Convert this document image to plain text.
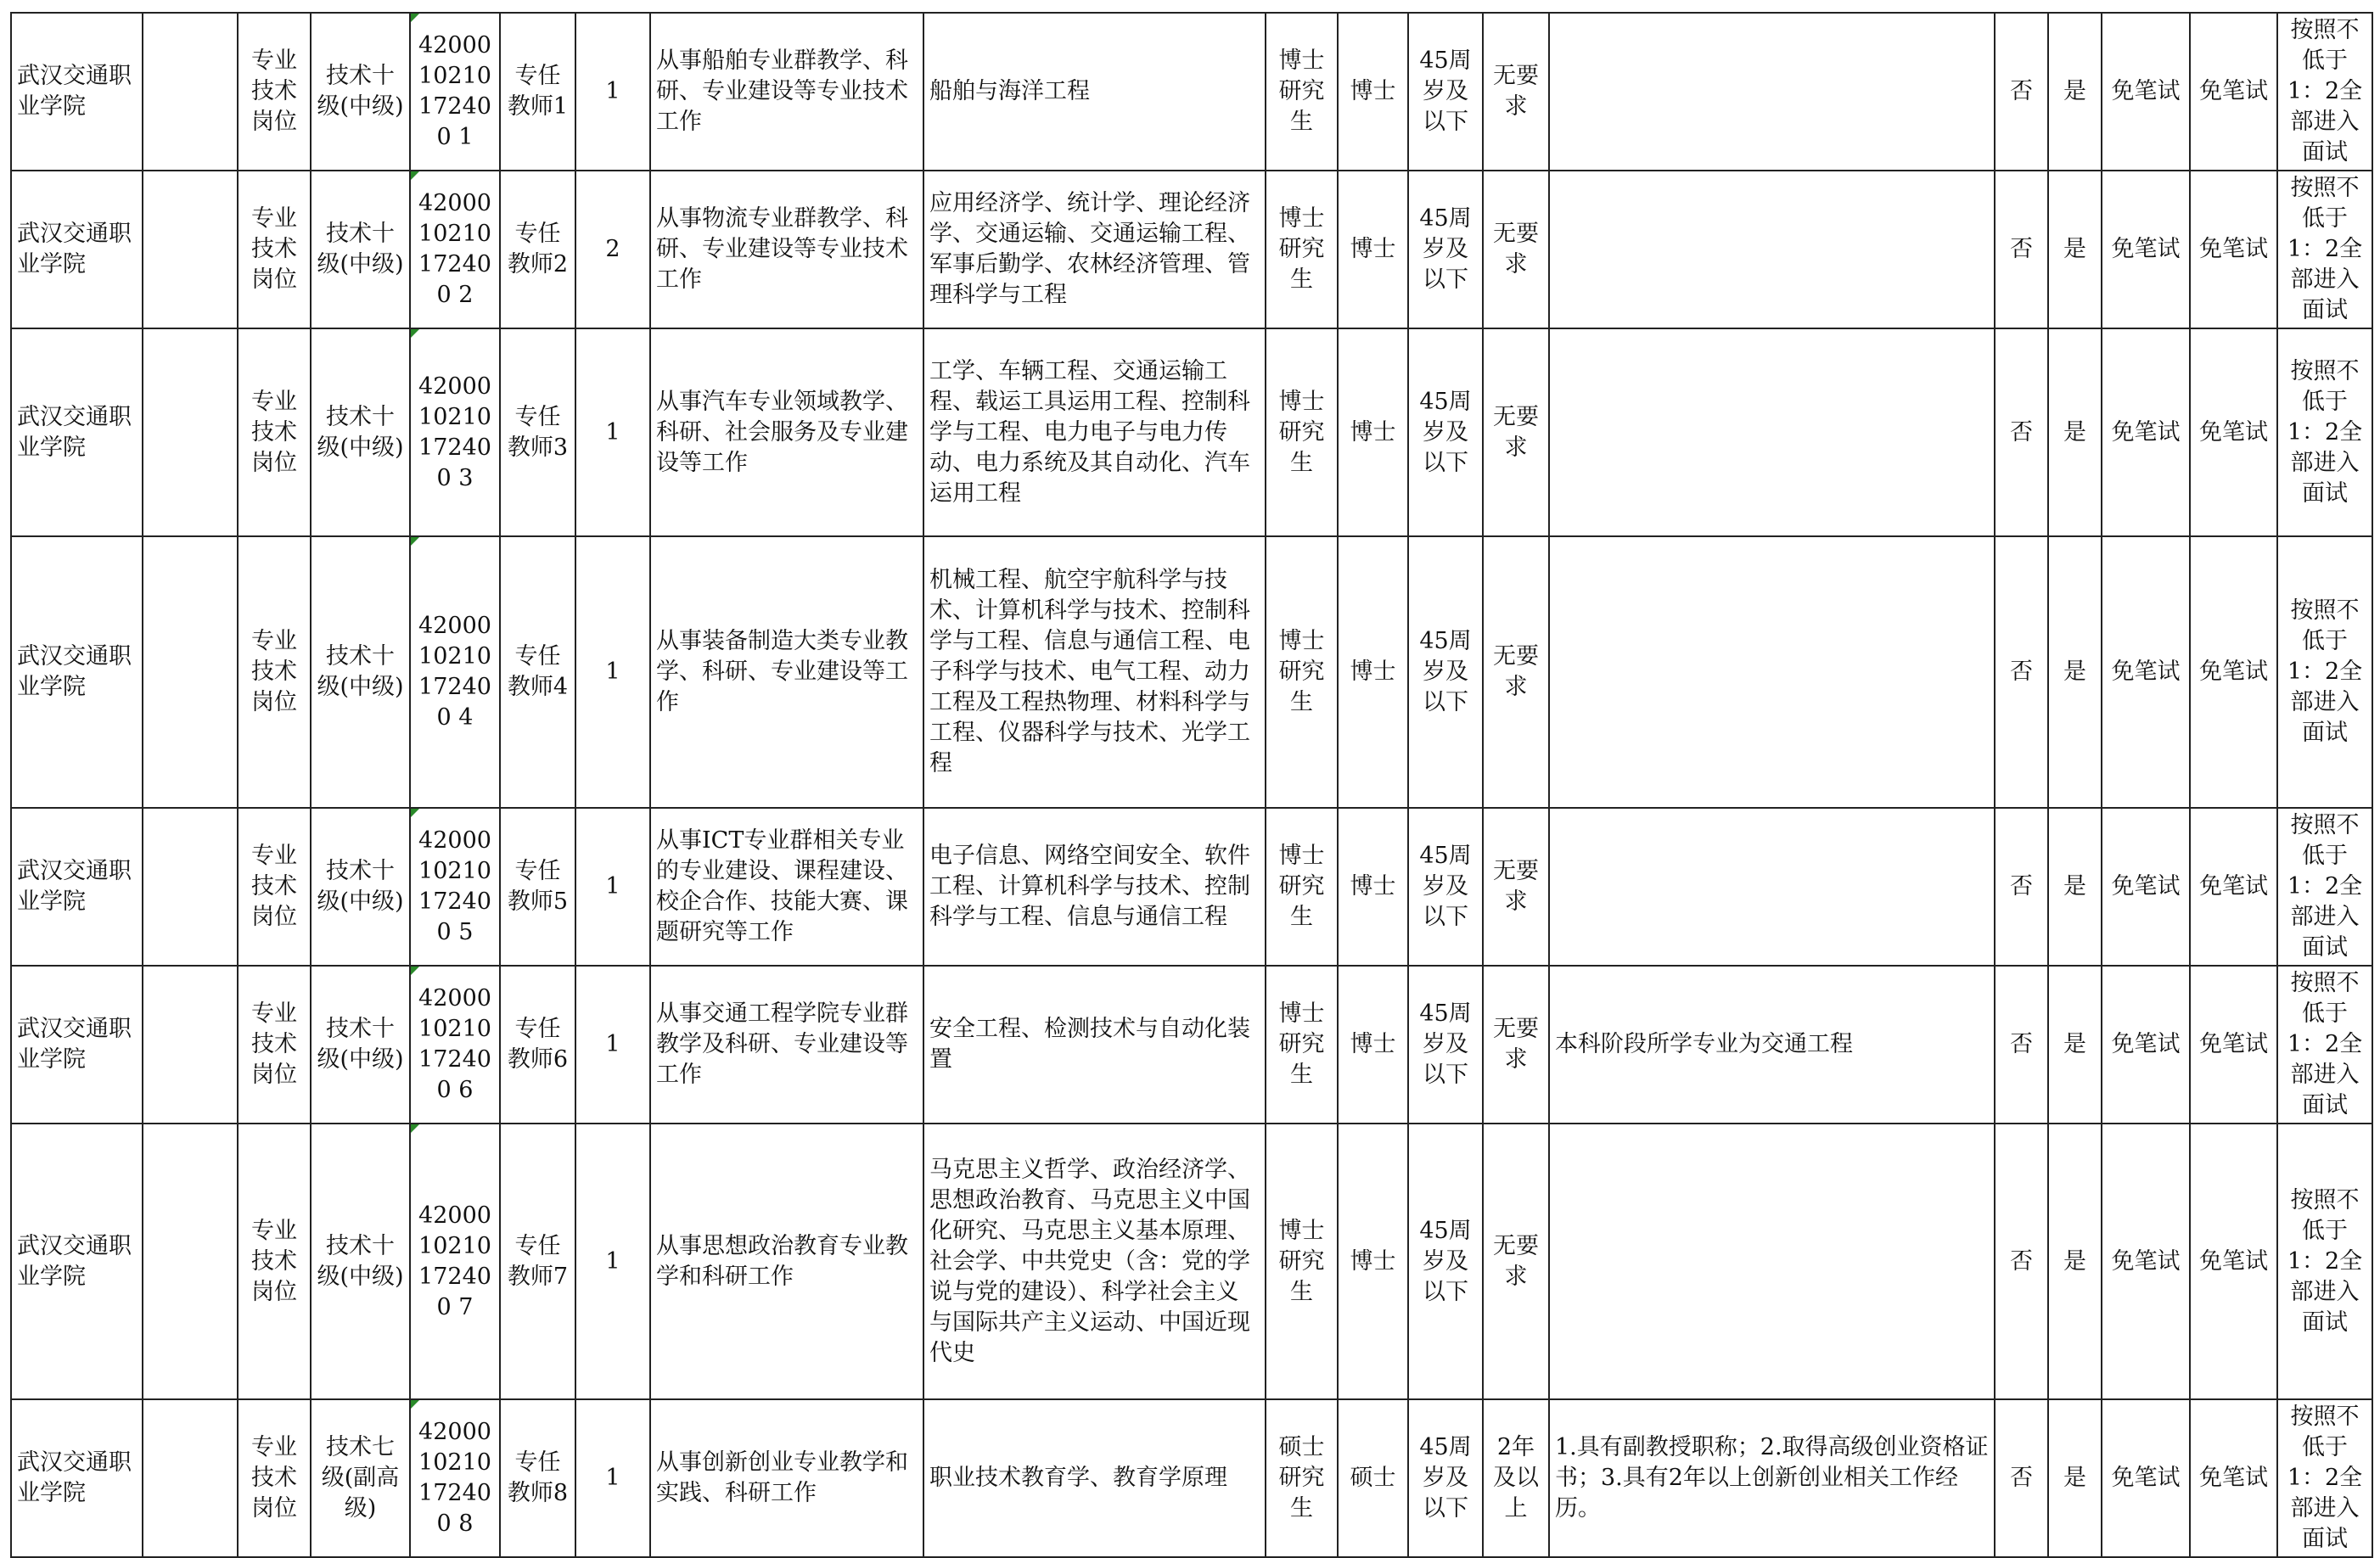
武汉交通职业学院		专业技术岗位	技术十级(中级)	4200010210172400 1	专任教师1	1	从事船舶专业群教学、科研、专业建设等专业技术工作	船舶与海洋工程	博士研究生	博士	45周岁及以下	无要求		否	是	免笔试	免笔试	按照不低于1：2全部进入面试
武汉交通职业学院		专业技术岗位	技术十级(中级)	4200010210172400 2	专任教师2	2	从事物流专业群教学、科研、专业建设等专业技术工作	应用经济学、统计学、理论经济学、交通运输、交通运输工程、军事后勤学、农林经济管理、管理科学与工程	博士研究生	博士	45周岁及以下	无要求		否	是	免笔试	免笔试	按照不低于1：2全部进入面试
武汉交通职业学院		专业技术岗位	技术十级(中级)	4200010210172400 3	专任教师3	1	从事汽车专业领域教学、科研、社会服务及专业建设等工作	工学、车辆工程、交通运输工程、载运工具运用工程、控制科学与工程、电力电子与电力传动、电力系统及其自动化、汽车运用工程	博士研究生	博士	45周岁及以下	无要求		否	是	免笔试	免笔试	按照不低于1：2全部进入面试
武汉交通职业学院		专业技术岗位	技术十级(中级)	4200010210172400 4	专任教师4	1	从事装备制造大类专业教学、科研、专业建设等工作	机械工程、航空宇航科学与技术、计算机科学与技术、控制科学与工程、信息与通信工程、电子科学与技术、电气工程、动力工程及工程热物理、材料科学与工程、仪器科学与技术、光学工程	博士研究生	博士	45周岁及以下	无要求		否	是	免笔试	免笔试	按照不低于1：2全部进入面试
武汉交通职业学院		专业技术岗位	技术十级(中级)	4200010210172400 5	专任教师5	1	从事ICT专业群相关专业的专业建设、课程建设、校企合作、技能大赛、课题研究等工作	电子信息、网络空间安全、软件工程、计算机科学与技术、控制科学与工程、信息与通信工程	博士研究生	博士	45周岁及以下	无要求		否	是	免笔试	免笔试	按照不低于1：2全部进入面试
武汉交通职业学院		专业技术岗位	技术十级(中级)	4200010210172400 6	专任教师6	1	从事交通工程学院专业群教学及科研、专业建设等工作	安全工程、检测技术与自动化装置	博士研究生	博士	45周岁及以下	无要求	本科阶段所学专业为交通工程	否	是	免笔试	免笔试	按照不低于1：2全部进入面试
武汉交通职业学院		专业技术岗位	技术十级(中级)	4200010210172400 7	专任教师7	1	从事思想政治教育专业教学和科研工作	马克思主义哲学、政治经济学、思想政治教育、马克思主义中国化研究、马克思主义基本原理、社会学、中共党史（含：党的学说与党的建设）、科学社会主义与国际共产主义运动、中国近现代史	博士研究生	博士	45周岁及以下	无要求		否	是	免笔试	免笔试	按照不低于1：2全部进入面试
武汉交通职业学院		专业技术岗位	技术七级(副高级)	4200010210172400 8	专任教师8	1	从事创新创业专业教学和实践、科研工作	职业技术教育学、教育学原理	硕士研究生	硕士	45周岁及以下	2年及以上	1.具有副教授职称；2.取得高级创业资格证书；3.具有2年以上创新创业相关工作经历。	否	是	免笔试	免笔试	按照不低于1：2全部进入面试
